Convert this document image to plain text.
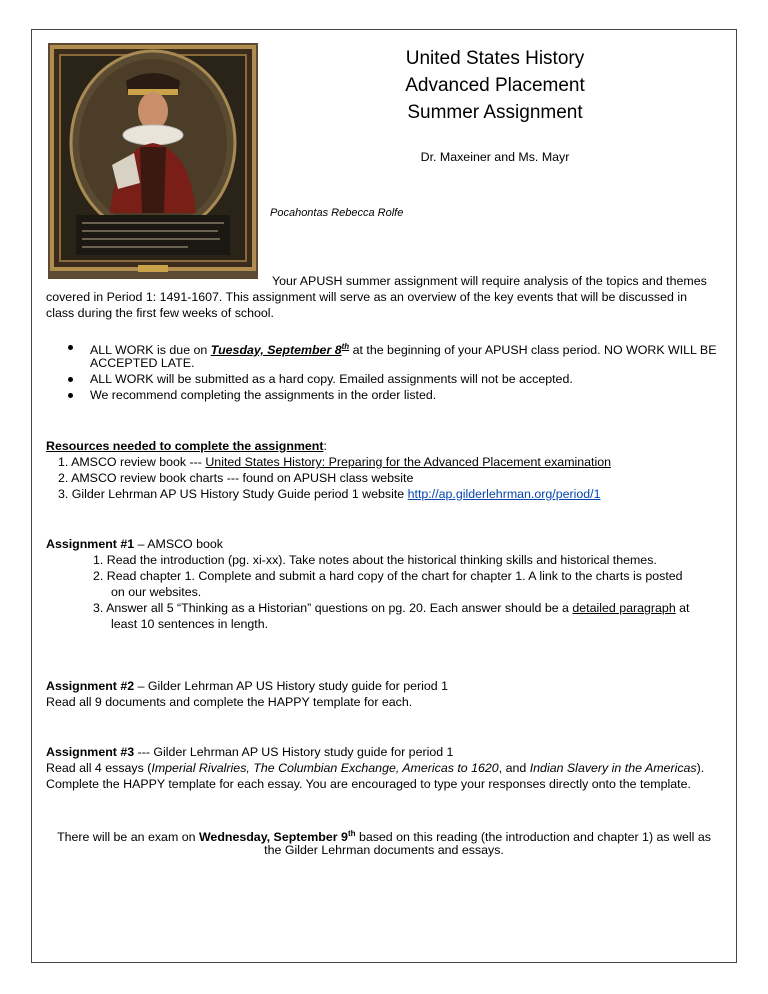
United States History
Advanced Placement
Summer Assignment
Dr. Maxeiner and Ms. Mayr
Pocahontas Rebecca Rolfe
Your APUSH summer assignment will require analysis of the topics and themes
covered in Period 1: 1491-1607. This assignment will serve as an overview of the key events that will be discussed in
class during the first few weeks of school.
ALL WORK is due on Tuesday, September 8th at the beginning of your APUSH class period. NO WORK WILL BE
ACCEPTED LATE.
ALL WORK will be submitted as a hard copy. Emailed assignments will not be accepted.
We recommend completing the assignments in the order listed.
Resources needed to complete the assignment:
1. AMSCO review book --- United States History: Preparing for the Advanced Placement examination
2. AMSCO review book charts --- found on APUSH class website
3. Gilder Lehrman AP US History Study Guide period 1 website http://ap.gilderlehrman.org/period/1
Assignment #1 – AMSCO book
1. Read the introduction (pg. xi-xx). Take notes about the historical thinking skills and historical themes.
2. Read chapter 1. Complete and submit a hard copy of the chart for chapter 1. A link to the charts is posted
on our websites.
3. Answer all 5 “Thinking as a Historian” questions on pg. 20. Each answer should be a detailed paragraph at
least 10 sentences in length.
Assignment #2 – Gilder Lehrman AP US History study guide for period 1
Read all 9 documents and complete the HAPPY template for each.
Assignment #3 --- Gilder Lehrman AP US History study guide for period 1
Read all 4 essays (Imperial Rivalries, The Columbian Exchange, Americas to 1620, and Indian Slavery in the Americas).
Complete the HAPPY template for each essay. You are encouraged to type your responses directly onto the template.
There will be an exam on Wednesday, September 9th based on this reading (the introduction and chapter 1) as well as
the Gilder Lehrman documents and essays.
